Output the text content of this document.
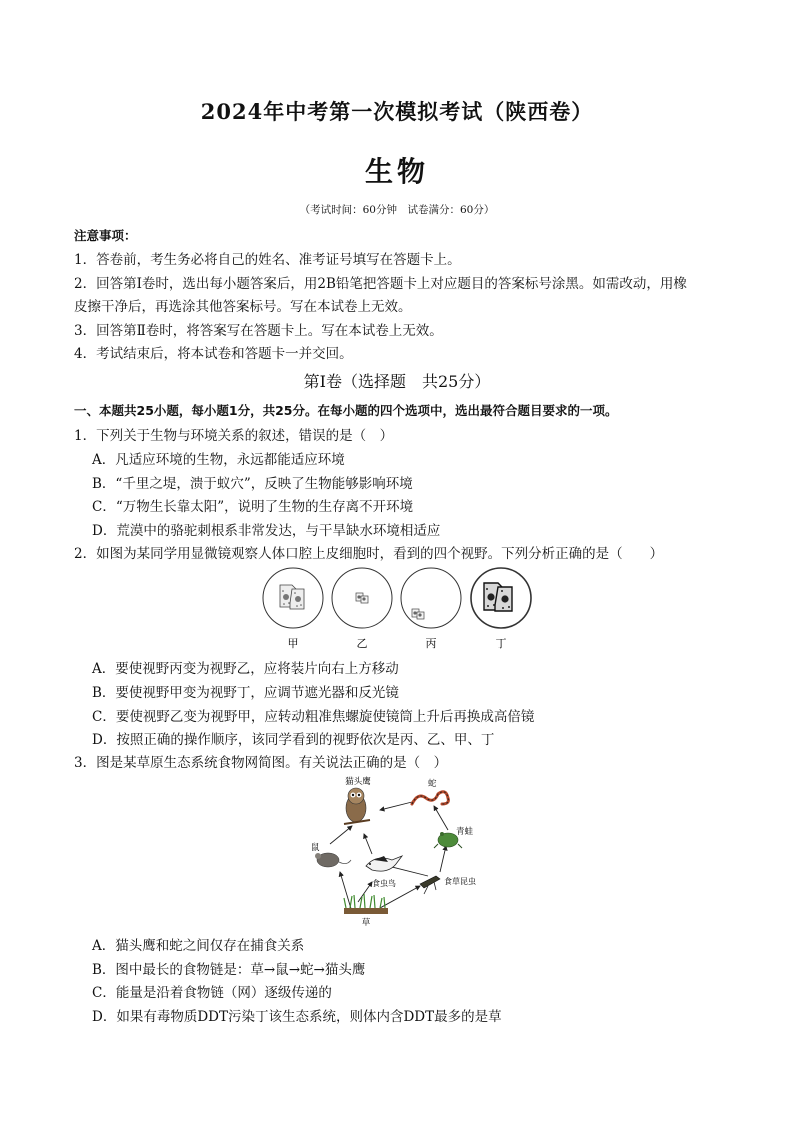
2024年中考第一次模拟考试（陕西卷）
生物
（考试时间：60分钟　试卷满分：60分）
注意事项：
1．答卷前，考生务必将自己的姓名、准考证号填写在答题卡上。
2．回答第Ⅰ卷时，选出每小题答案后，用2B铅笔把答题卡上对应题目的答案标号涂黑。如需改动，用橡
皮擦干净后，再选涂其他答案标号。写在本试卷上无效。
3．回答第Ⅱ卷时，将答案写在答题卡上。写在本试卷上无效。
4．考试结束后，将本试卷和答题卡一并交回。
第Ⅰ卷（选择题　共25分）
一、本题共25小题，每小题1分，共25分。在每小题的四个选项中，选出最符合题目要求的一项。
1．下列关于生物与环境关系的叙述，错误的是（　）
A．凡适应环境的生物，永远都能适应环境
B．“千里之堤，溃于蚁穴”，反映了生物能够影响环境
C．“万物生长靠太阳”，说明了生物的生存离不开环境
D．荒漠中的骆驼刺根系非常发达，与干旱缺水环境相适应
2．如图为某同学用显微镜观察人体口腔上皮细胞时，看到的四个视野。下列分析正确的是（　　）
甲	乙	丙	丁
A．要使视野丙变为视野乙，应将装片向右上方移动
B．要使视野甲变为视野丁，应调节遮光器和反光镜
C．要使视野乙变为视野甲，应转动粗准焦螺旋使镜筒上升后再换成高倍镜
D．按照正确的操作顺序，该同学看到的视野依次是丙、乙、甲、丁
3．图是某草原生态系统食物网简图。有关说法正确的是（　）
猫头鹰	蛇
青蛙
鼠
食虫鸟	食草昆虫
草
A．猫头鹰和蛇之间仅存在捕食关系
B．图中最长的食物链是：草→鼠→蛇→猫头鹰
C．能量是沿着食物链（网）逐级传递的
D．如果有毒物质DDT污染丁该生态系统，则体内含DDT最多的是草
